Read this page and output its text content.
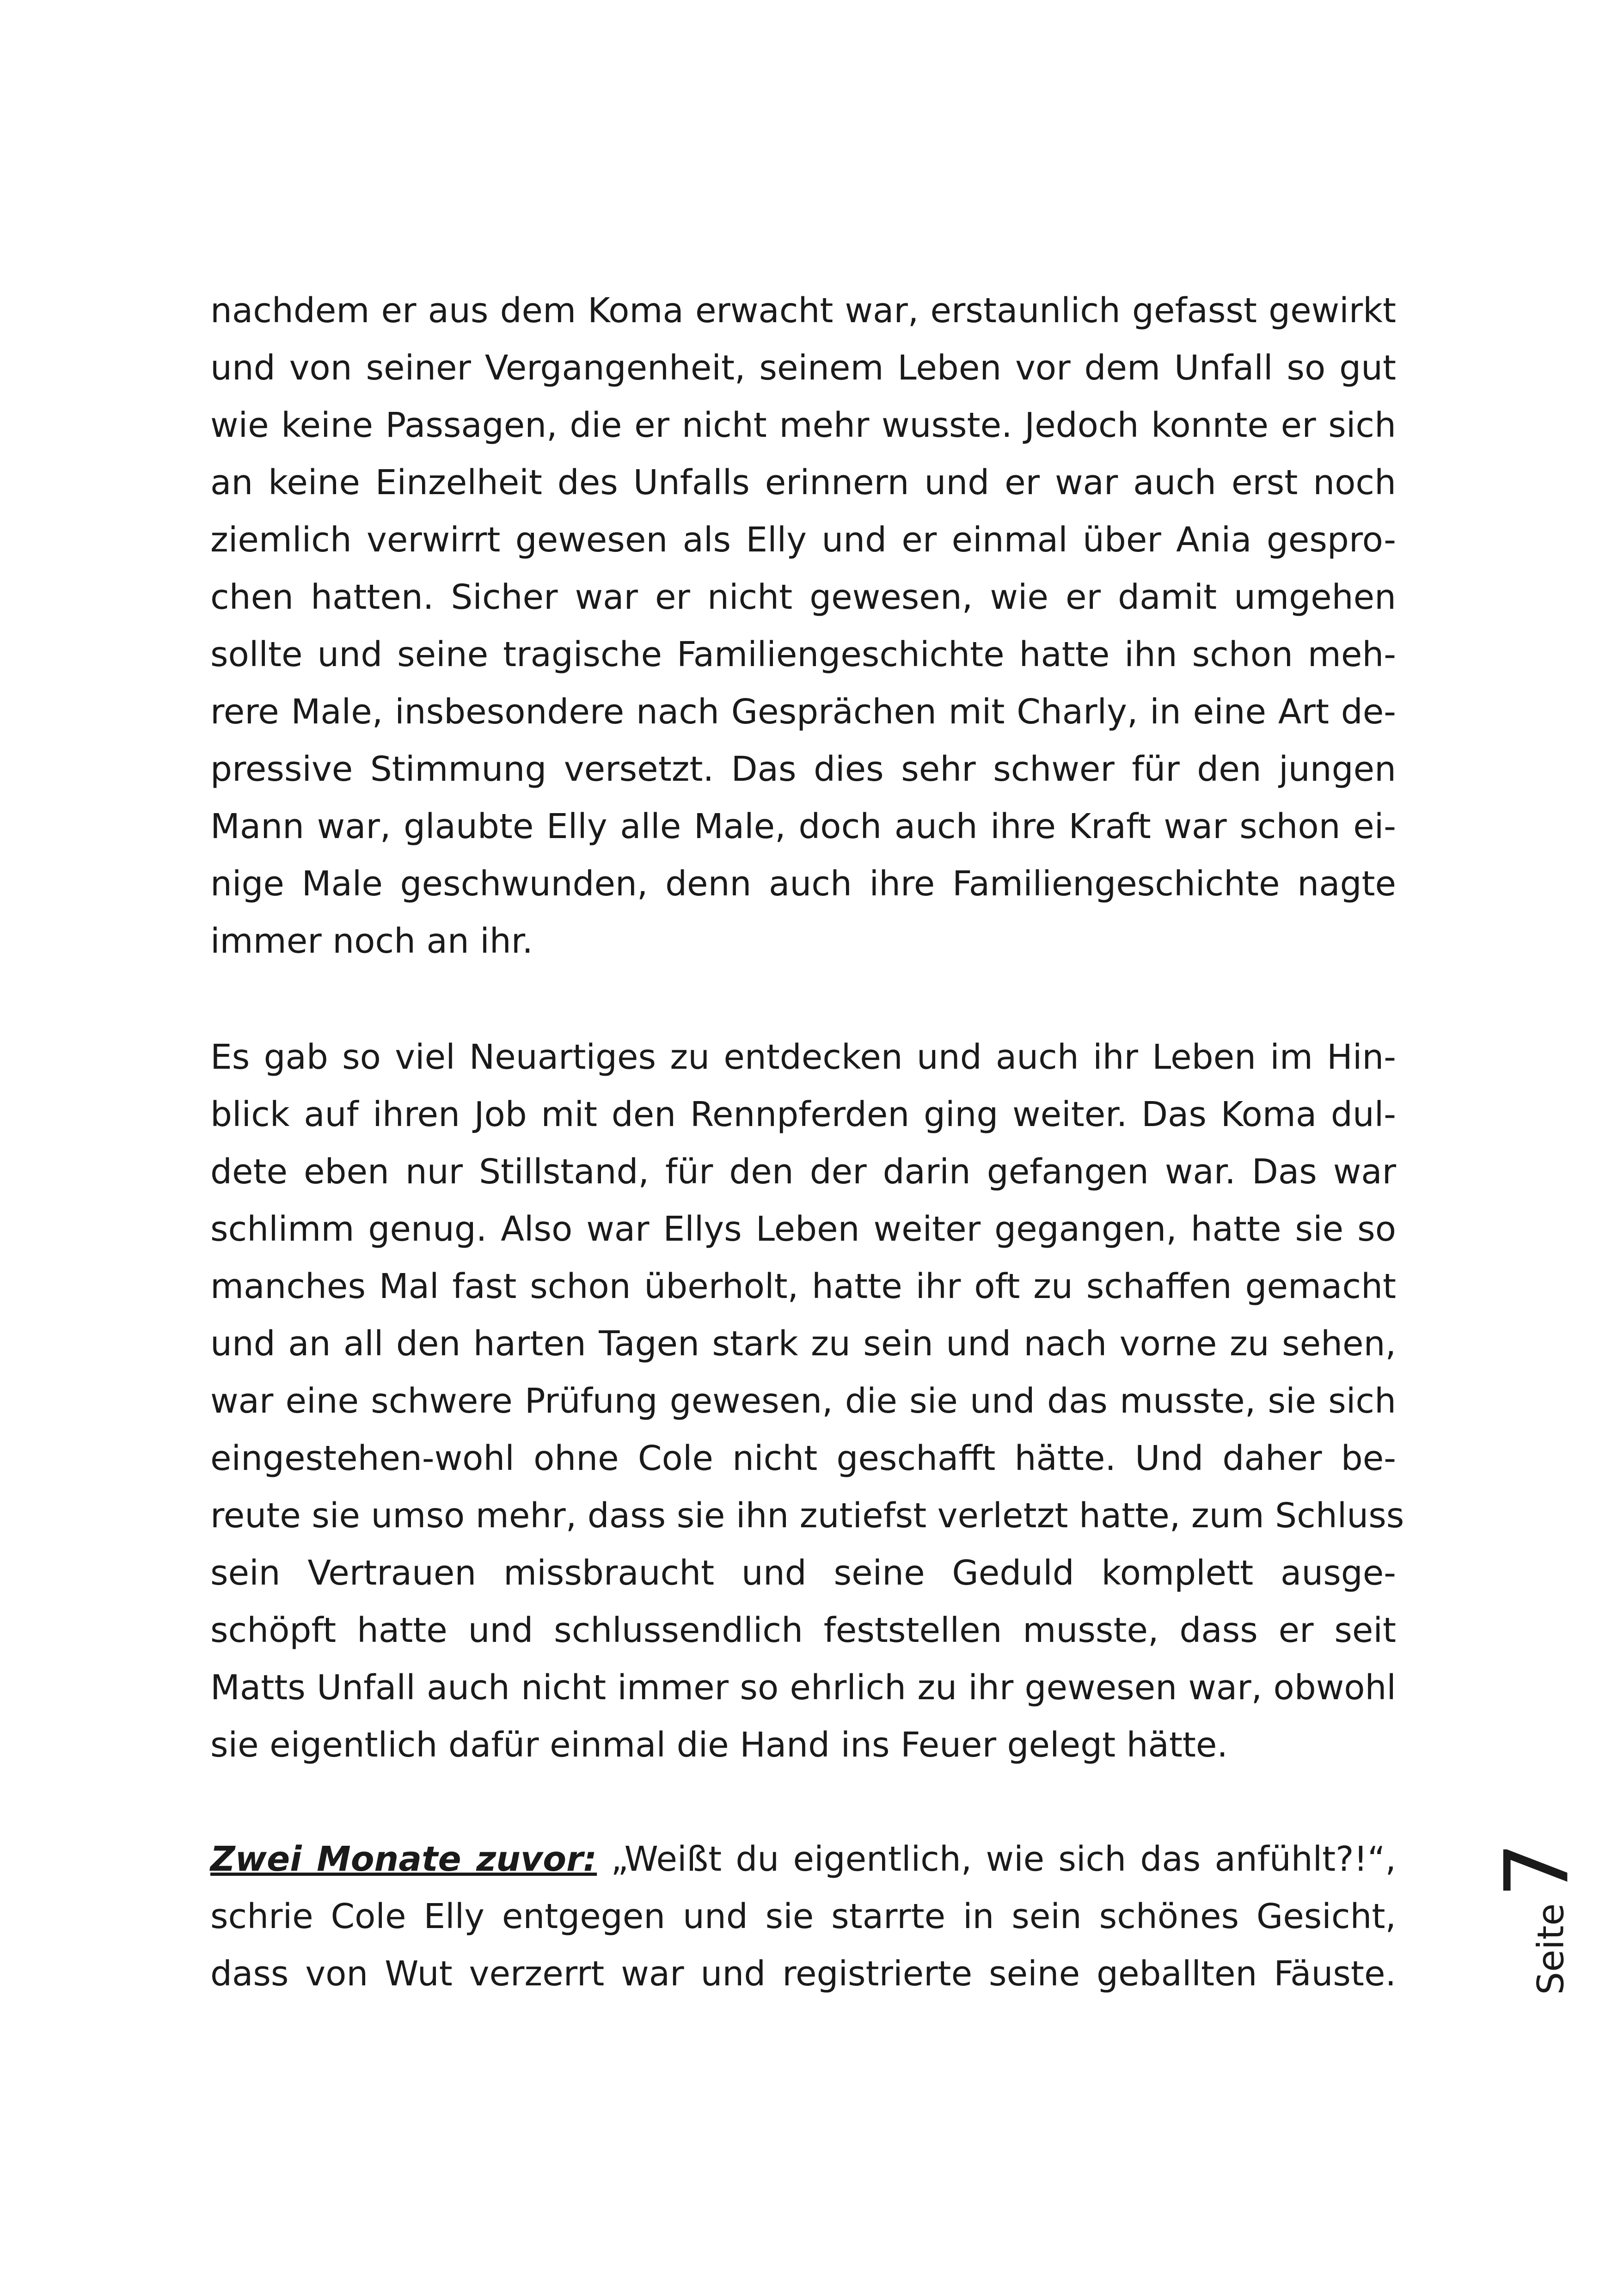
nachdem er aus dem Koma erwacht war, erstaunlich gefasst gewirkt
und von seiner Vergangenheit, seinem Leben vor dem Unfall so gut
wie keine Passagen, die er nicht mehr wusste. Jedoch konnte er sich
an keine Einzelheit des Unfalls erinnern und er war auch erst noch
ziemlich verwirrt gewesen als Elly und er einmal über Ania gespro-
chen hatten. Sicher war er nicht gewesen, wie er damit umgehen
sollte und seine tragische Familiengeschichte hatte ihn schon meh-
rere Male, insbesondere nach Gesprächen mit Charly, in eine Art de-
pressive Stimmung versetzt. Das dies sehr schwer für den jungen
Mann war, glaubte Elly alle Male, doch auch ihre Kraft war schon ei-
nige Male geschwunden, denn auch ihre Familiengeschichte nagte
immer noch an ihr.
Es gab so viel Neuartiges zu entdecken und auch ihr Leben im Hin-
blick auf ihren Job mit den Rennpferden ging weiter. Das Koma dul-
dete eben nur Stillstand, für den der darin gefangen war. Das war
schlimm genug. Also war Ellys Leben weiter gegangen, hatte sie so
manches Mal fast schon überholt, hatte ihr oft zu schaffen gemacht
und an all den harten Tagen stark zu sein und nach vorne zu sehen,
war eine schwere Prüfung gewesen, die sie und das musste, sie sich
eingestehen-wohl ohne Cole nicht geschafft hätte. Und daher be-
reute sie umso mehr, dass sie ihn zutiefst verletzt hatte, zum Schluss
sein Vertrauen missbraucht und seine Geduld komplett ausge-
schöpft hatte und schlussendlich feststellen musste, dass er seit
Matts Unfall auch nicht immer so ehrlich zu ihr gewesen war, obwohl
sie eigentlich dafür einmal die Hand ins Feuer gelegt hätte.
Zwei Monate zuvor: „Weißt du eigentlich, wie sich das anfühlt?!“,
schrie Cole Elly entgegen und sie starrte in sein schönes Gesicht,
dass von Wut verzerrt war und registrierte seine geballten Fäuste.	Seite
7
